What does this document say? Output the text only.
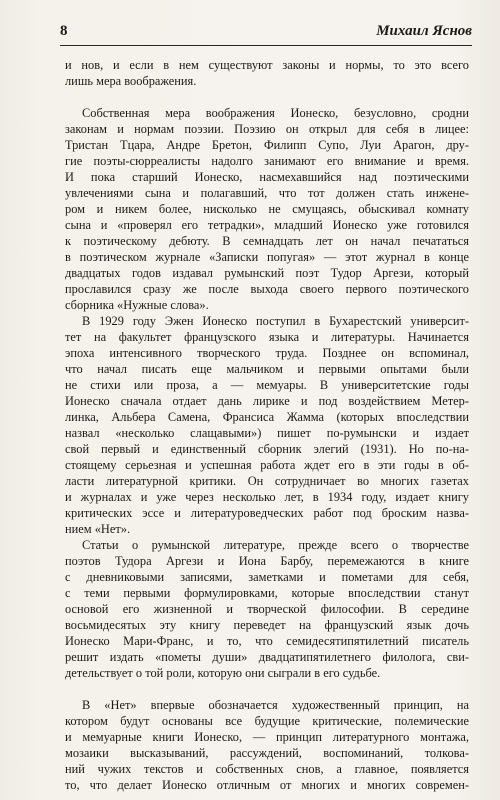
8	Михаил Яснов
и нов, и если в нем существуют законы и нормы, то это всего
лишь мера воображения.
Собственная мера воображения Ионеско, безусловно, сродни
законам и нормам поэзии. Поэзию он открыл для себя в лицее:
Тристан Тцара, Андре Бретон, Филипп Супо, Луи Арагон, дру-
гие поэты-сюрреалисты надолго занимают его внимание и время.
И пока старший Ионеско, насмехавшийся над поэтическими
увлечениями сына и полагавший, что тот должен стать инжене-
ром и никем более, нисколько не смущаясь, обыскивал комнату
сына и «проверял его тетрадки», младший Ионеско уже готовился
к поэтическому дебюту. В семнадцать лет он начал печататься
в поэтическом журнале «Записки попугая» — этот журнал в конце
двадцатых годов издавал румынский поэт Тудор Аргези, который
прославился сразу же после выхода своего первого поэтического
сборника «Нужные слова».
В 1929 году Эжен Ионеско поступил в Бухарестский университ-
тет на факультет французского языка и литературы. Начинается
эпоха интенсивного творческого труда. Позднее он вспоминал,
что начал писать еще мальчиком и первыми опытами были
не стихи или проза, а — мемуары. В университетские годы
Ионеско сначала отдает дань лирике и под воздействием Метер-
линка, Альбера Самена, Франсиса Жамма (которых впоследствии
назвал «несколько слащавыми») пишет по-румынски и издает
свой первый и единственный сборник элегий (1931). Но по-на-
стоящему серьезная и успешная работа ждет его в эти годы в об-
ласти литературной критики. Он сотрудничает во многих газетах
и журналах и уже через несколько лет, в 1934 году, издает книгу
критических эссе и литературоведческих работ под броским назва-
нием «Нет».
Статьи о румынской литературе, прежде всего о творчестве
поэтов Тудора Аргези и Иона Барбу, перемежаются в книге
с дневниковыми записями, заметками и пометами для себя,
с теми первыми формулировками, которые впоследствии станут
основой его жизненной и творческой философии. В середине
восьмидесятых эту книгу переведет на французский язык дочь
Ионеско Мари-Франс, и то, что семидесятипятилетний писатель
решит издать «пометы души» двадцатипятилетнего филолога, сви-
детельствует о той роли, которую они сыграли в его судьбе.
В «Нет» впервые обозначается художественный принцип, на
котором будут основаны все будущие критические, полемические
и мемуарные книги Ионеско, — принцип литературного монтажа,
мозаики высказываний, рассуждений, воспоминаний, толкова-
ний чужих текстов и собственных снов, а главное, появляется
то, что делает Ионеско отличным от многих и многих современ-
